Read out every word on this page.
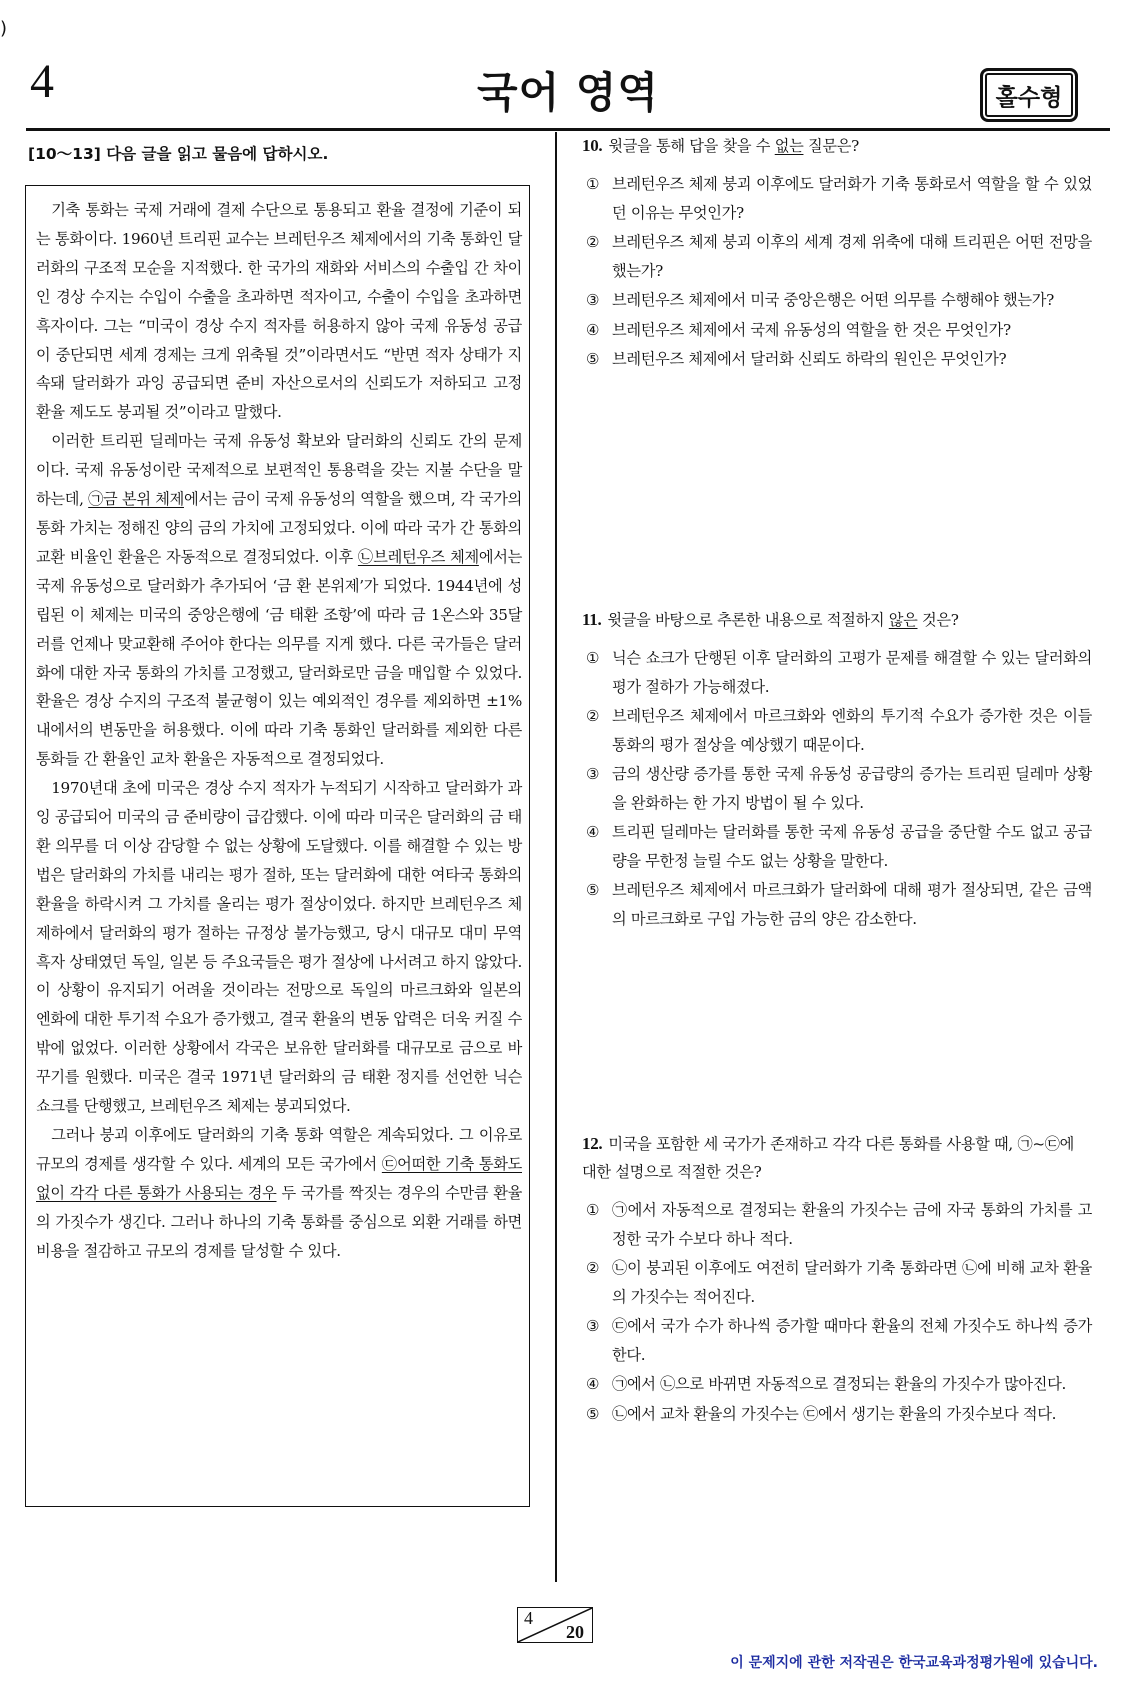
)
4	국어 영역	홀수형
[10～13] 다음 글을 읽고 물음에 답하시오.

기축 통화는 국제 거래에 결제 수단으로 통용되고 환율 결정에 기준이 되는 통화이다. 1960년 트리핀 교수는 브레턴우즈 체제에서의 기축 통화인 달러화의 구조적 모순을 지적했다. 한 국가의 재화와 서비스의 수출입 간 차이인 경상 수지는 수입이 수출을 초과하면 적자이고, 수출이 수입을 초과하면 흑자이다. 그는 “미국이 경상 수지 적자를 허용하지 않아 국제 유동성 공급이 중단되면 세계 경제는 크게 위축될 것”이라면서도 “반면 적자 상태가 지속돼 달러화가 과잉 공급되면 준비 자산으로서의 신뢰도가 저하되고 고정 환율 제도도 붕괴될 것”이라고 말했다.

이러한 트리핀 딜레마는 국제 유동성 확보와 달러화의 신뢰도 간의 문제이다. 국제 유동성이란 국제적으로 보편적인 통용력을 갖는 지불 수단을 말하는데, ㉠금 본위 체제에서는 금이 국제 유동성의 역할을 했으며, 각 국가의 통화 가치는 정해진 양의 금의 가치에 고정되었다. 이에 따라 국가 간 통화의 교환 비율인 환율은 자동적으로 결정되었다. 이후 ㉡브레턴우즈 체제에서는 국제 유동성으로 달러화가 추가되어 ‘금 환 본위제’가 되었다. 1944년에 성립된 이 체제는 미국의 중앙은행에 ‘금 태환 조항’에 따라 금 1온스와 35달러를 언제나 맞교환해 주어야 한다는 의무를 지게 했다. 다른 국가들은 달러화에 대한 자국 통화의 가치를 고정했고, 달러화로만 금을 매입할 수 있었다. 환율은 경상 수지의 구조적 불균형이 있는 예외적인 경우를 제외하면 ±1% 내에서의 변동만을 허용했다. 이에 따라 기축 통화인 달러화를 제외한 다른 통화들 간 환율인 교차 환율은 자동적으로 결정되었다.

1970년대 초에 미국은 경상 수지 적자가 누적되기 시작하고 달러화가 과잉 공급되어 미국의 금 준비량이 급감했다. 이에 따라 미국은 달러화의 금 태환 의무를 더 이상 감당할 수 없는 상황에 도달했다. 이를 해결할 수 있는 방법은 달러화의 가치를 내리는 평가 절하, 또는 달러화에 대한 여타국 통화의 환율을 하락시켜 그 가치를 올리는 평가 절상이었다. 하지만 브레턴우즈 체제하에서 달러화의 평가 절하는 규정상 불가능했고, 당시 대규모 대미 무역 흑자 상태였던 독일, 일본 등 주요국들은 평가 절상에 나서려고 하지 않았다. 이 상황이 유지되기 어려울 것이라는 전망으로 독일의 마르크화와 일본의 엔화에 대한 투기적 수요가 증가했고, 결국 환율의 변동 압력은 더욱 커질 수밖에 없었다. 이러한 상황에서 각국은 보유한 달러화를 대규모로 금으로 바꾸기를 원했다. 미국은 결국 1971년 달러화의 금 태환 정지를 선언한 닉슨 쇼크를 단행했고, 브레턴우즈 체제는 붕괴되었다.

그러나 붕괴 이후에도 달러화의 기축 통화 역할은 계속되었다. 그 이유로 규모의 경제를 생각할 수 있다. 세계의 모든 국가에서 ㉢어떠한 기축 통화도 없이 각각 다른 통화가 사용되는 경우 두 국가를 짝짓는 경우의 수만큼 환율의 가짓수가 생긴다. 그러나 하나의 기축 통화를 중심으로 외환 거래를 하면 비용을 절감하고 규모의 경제를 달성할 수 있다.

10. 윗글을 통해 답을 찾을 수 없는 질문은?
① 브레턴우즈 체제 붕괴 이후에도 달러화가 기축 통화로서 역할을 할 수 있었던 이유는 무엇인가?
② 브레턴우즈 체제 붕괴 이후의 세계 경제 위축에 대해 트리핀은 어떤 전망을 했는가?
③ 브레턴우즈 체제에서 미국 중앙은행은 어떤 의무를 수행해야 했는가?
④ 브레턴우즈 체제에서 국제 유동성의 역할을 한 것은 무엇인가?
⑤ 브레턴우즈 체제에서 달러화 신뢰도 하락의 원인은 무엇인가?
11. 윗글을 바탕으로 추론한 내용으로 적절하지 않은 것은?
① 닉슨 쇼크가 단행된 이후 달러화의 고평가 문제를 해결할 수 있는 달러화의 평가 절하가 가능해졌다.
② 브레턴우즈 체제에서 마르크화와 엔화의 투기적 수요가 증가한 것은 이들 통화의 평가 절상을 예상했기 때문이다.
③ 금의 생산량 증가를 통한 국제 유동성 공급량의 증가는 트리핀 딜레마 상황을 완화하는 한 가지 방법이 될 수 있다.
④ 트리핀 딜레마는 달러화를 통한 국제 유동성 공급을 중단할 수도 없고 공급량을 무한정 늘릴 수도 없는 상황을 말한다.
⑤ 브레턴우즈 체제에서 마르크화가 달러화에 대해 평가 절상되면, 같은 금액의 마르크화로 구입 가능한 금의 양은 감소한다.
12. 미국을 포함한 세 국가가 존재하고 각각 다른 통화를 사용할 때, ㉠~㉢에 대한 설명으로 적절한 것은?
① ㉠에서 자동적으로 결정되는 환율의 가짓수는 금에 자국 통화의 가치를 고정한 국가 수보다 하나 적다.
② ㉡이 붕괴된 이후에도 여전히 달러화가 기축 통화라면 ㉡에 비해 교차 환율의 가짓수는 적어진다.
③ ㉢에서 국가 수가 하나씩 증가할 때마다 환율의 전체 가짓수도 하나씩 증가한다.
④ ㉠에서 ㉡으로 바뀌면 자동적으로 결정되는 환율의 가짓수가 많아진다.
⑤ ㉡에서 교차 환율의 가짓수는 ㉢에서 생기는 환율의 가짓수보다 적다.
4
20
이 문제지에 관한 저작권은 한국교육과정평가원에 있습니다.
